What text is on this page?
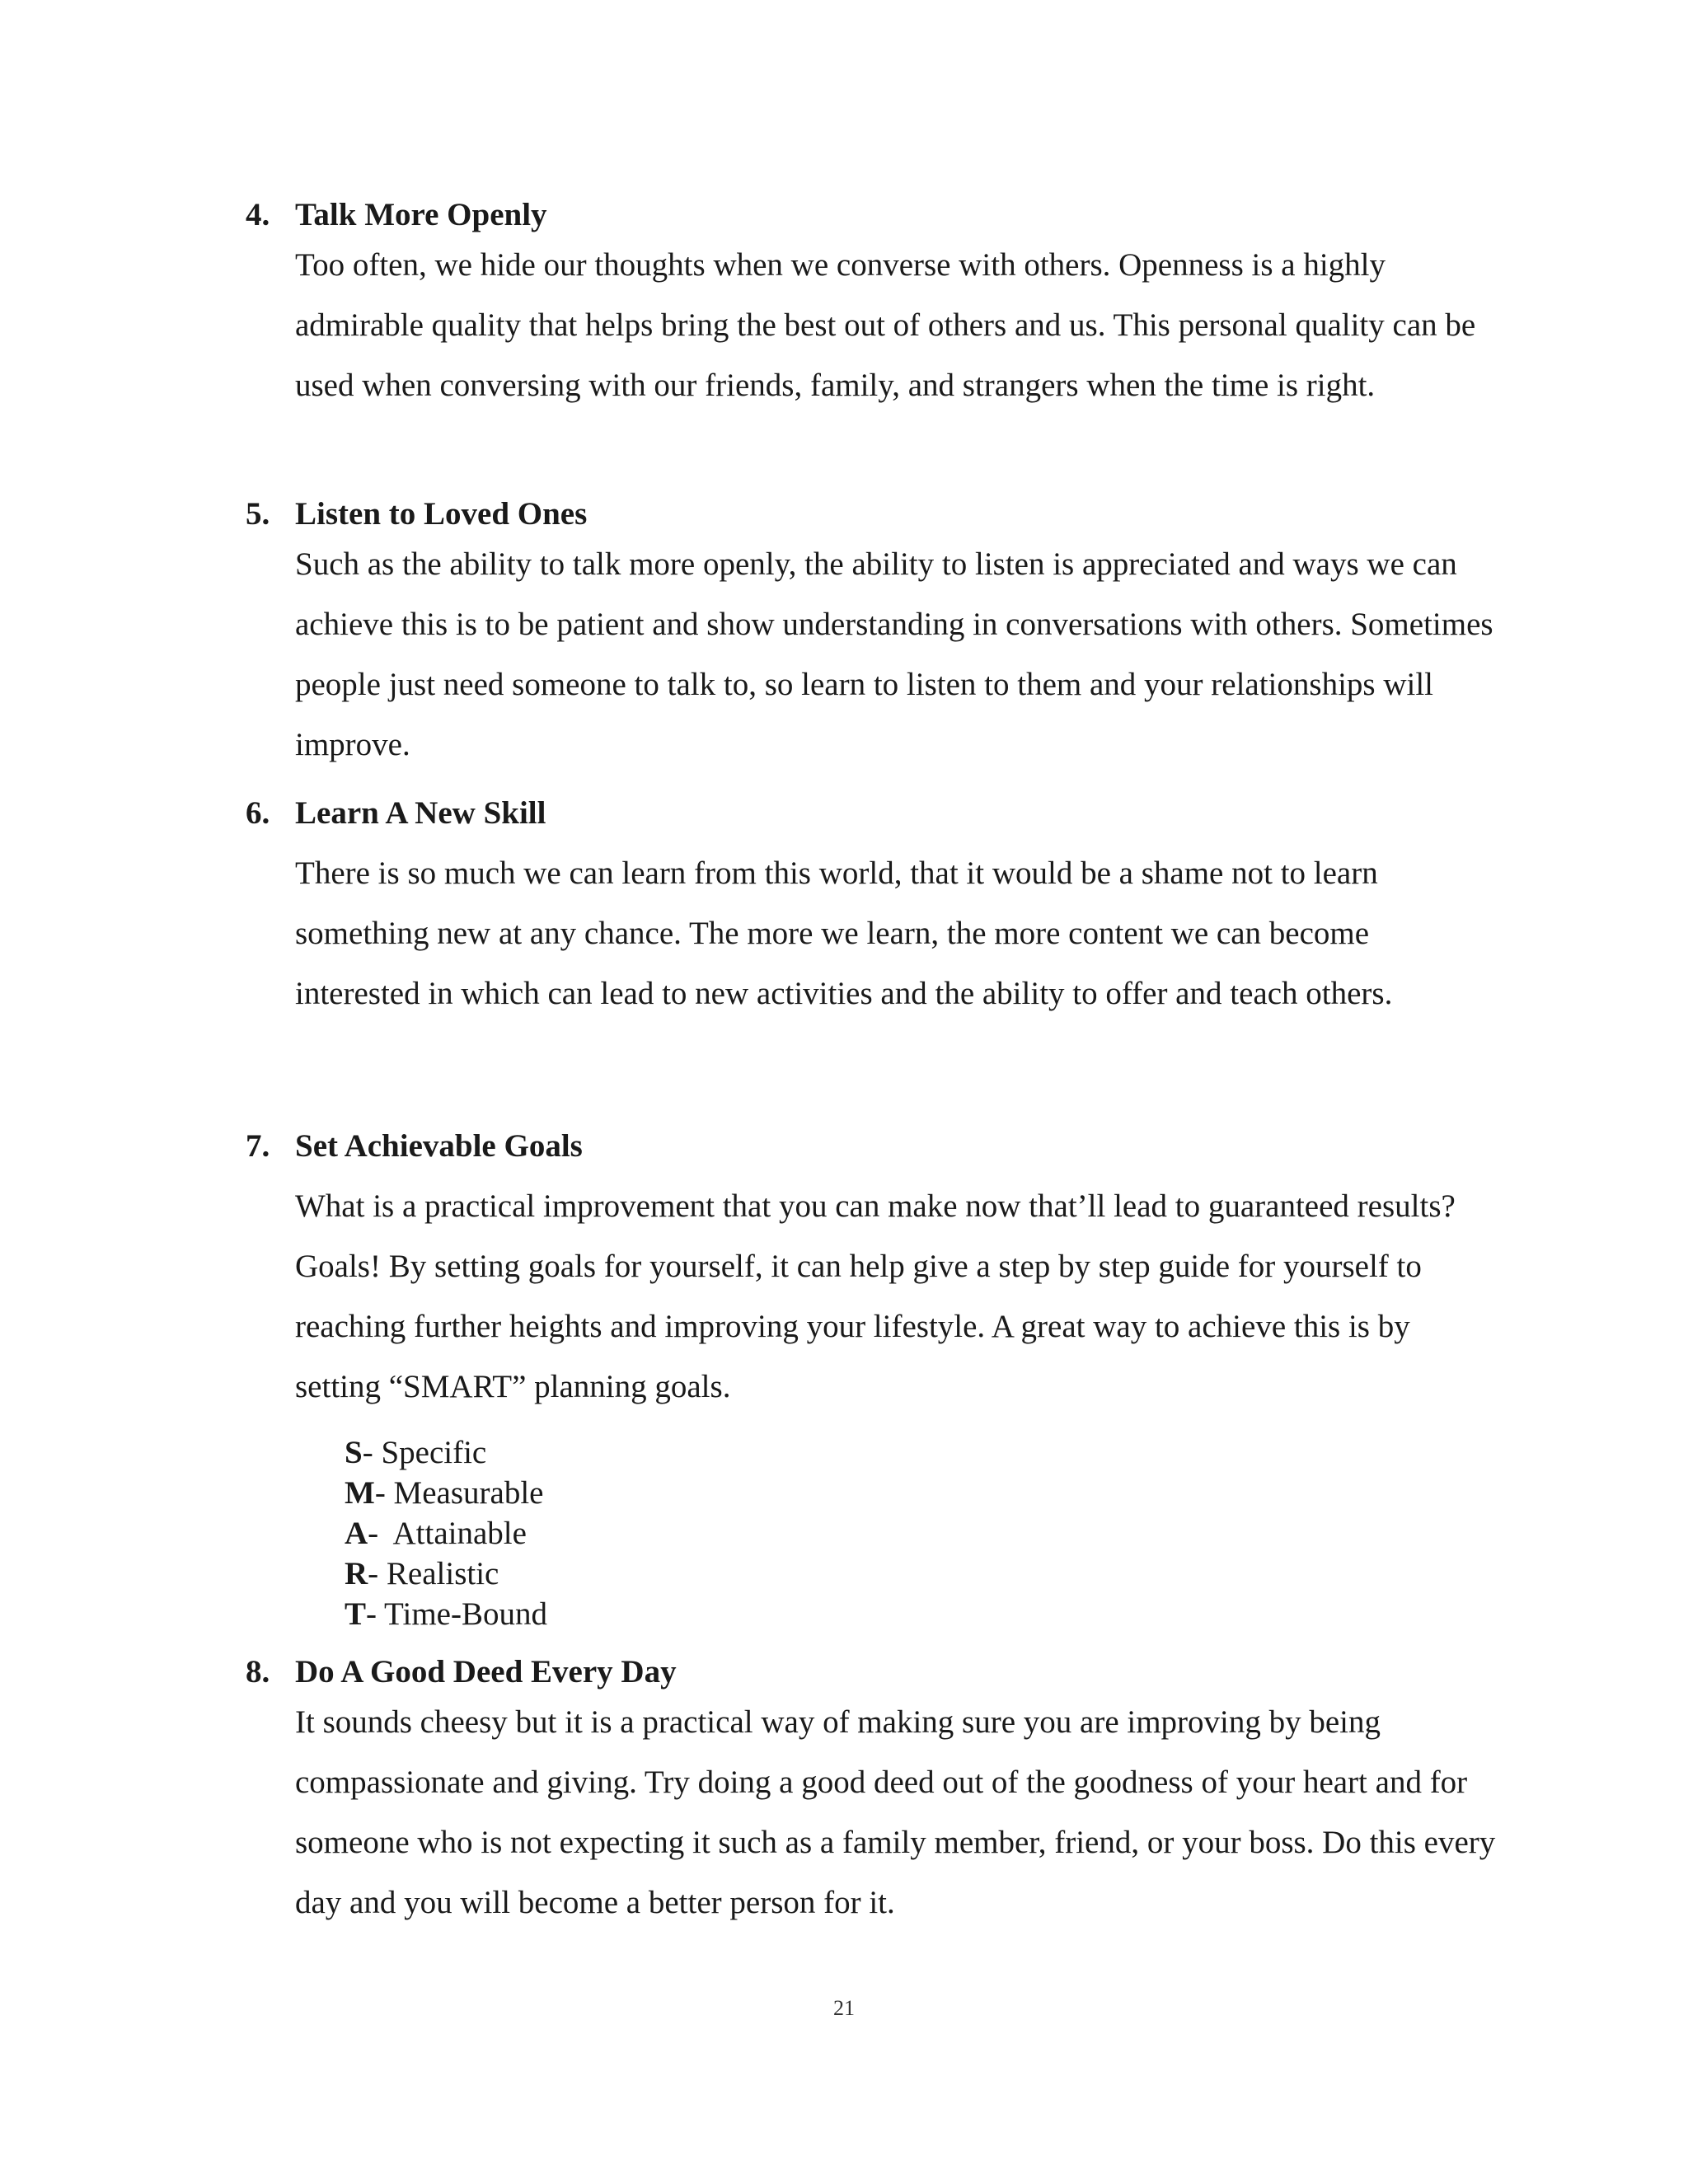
4. Talk More Openly
Too often, we hide our thoughts when we converse with others. Openness is a highly admirable quality that helps bring the best out of others and us. This personal quality can be used when conversing with our friends, family, and strangers when the time is right.
5. Listen to Loved Ones
Such as the ability to talk more openly, the ability to listen is appreciated and ways we can achieve this is to be patient and show understanding in conversations with others. Sometimes people just need someone to talk to, so learn to listen to them and your relationships will improve.
6. Learn A New Skill
There is so much we can learn from this world, that it would be a shame not to learn something new at any chance. The more we learn, the more content we can become interested in which can lead to new activities and the ability to offer and teach others.
7. Set Achievable Goals
What is a practical improvement that you can make now that’ll lead to guaranteed results? Goals! By setting goals for yourself, it can help give a step by step guide for yourself to reaching further heights and improving your lifestyle. A great way to achieve this is by setting “SMART” planning goals.
S- Specific
M- Measurable
A-  Attainable
R- Realistic
T- Time-Bound
8. Do A Good Deed Every Day
It sounds cheesy but it is a practical way of making sure you are improving by being compassionate and giving. Try doing a good deed out of the goodness of your heart and for someone who is not expecting it such as a family member, friend, or your boss. Do this every day and you will become a better person for it.
21
